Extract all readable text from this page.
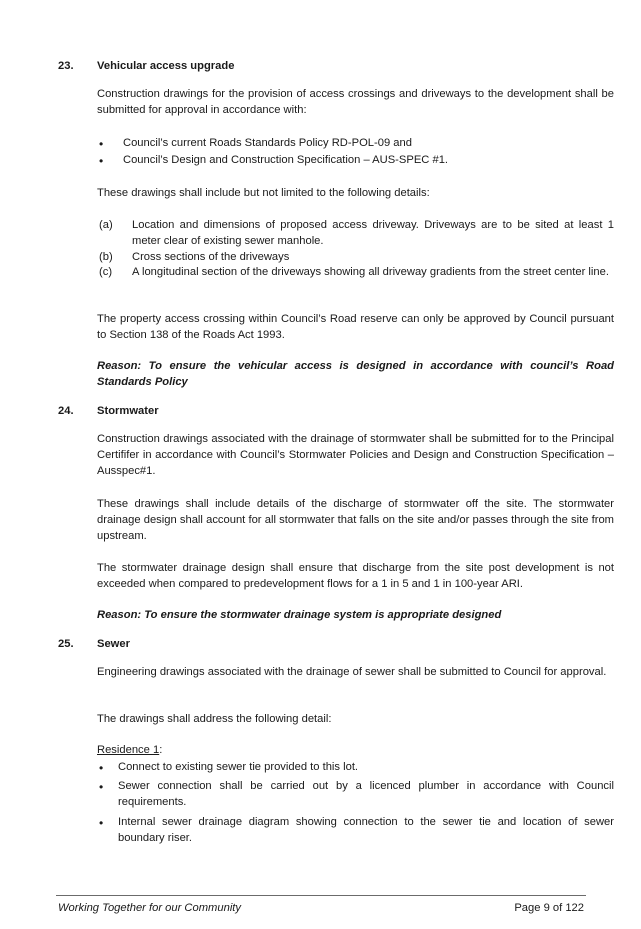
23. Vehicular access upgrade
Construction drawings for the provision of access crossings and driveways to the development shall be submitted for approval in accordance with:
• Council’s current Roads Standards Policy RD-POL-09 and
• Council’s Design and Construction Specification – AUS-SPEC #1.
These drawings shall include but not limited to the following details:
(a) Location and dimensions of proposed access driveway. Driveways are to be sited at least 1 meter clear of existing sewer manhole.
(b) Cross sections of the driveways
(c) A longitudinal section of the driveways showing all driveway gradients from the street center line.
The property access crossing within Council’s Road reserve can only be approved by Council pursuant to Section 138 of the Roads Act 1993.
Reason: To ensure the vehicular access is designed in accordance with council’s Road Standards Policy
24. Stormwater
Construction drawings associated with the drainage of stormwater shall be submitted for to the Principal Certififer in accordance with Council’s Stormwater Policies and Design and Construction Specification – Ausspec#1.
These drawings shall include details of the discharge of stormwater off the site. The stormwater drainage design shall account for all stormwater that falls on the site and/or passes through the site from upstream.
The stormwater drainage design shall ensure that discharge from the site post development is not exceeded when compared to predevelopment flows for a 1 in 5 and 1 in 100-year ARI.
Reason: To ensure the stormwater drainage system is appropriate designed
25. Sewer
Engineering drawings associated with the drainage of sewer shall be submitted to Council for approval.
The drawings shall address the following detail:
Residence 1:
• Connect to existing sewer tie provided to this lot.
• Sewer connection shall be carried out by a licenced plumber in accordance with Council requirements.
• Internal sewer drainage diagram showing connection to the sewer tie and location of sewer boundary riser.
Working Together for our Community	Page 9 of 122
